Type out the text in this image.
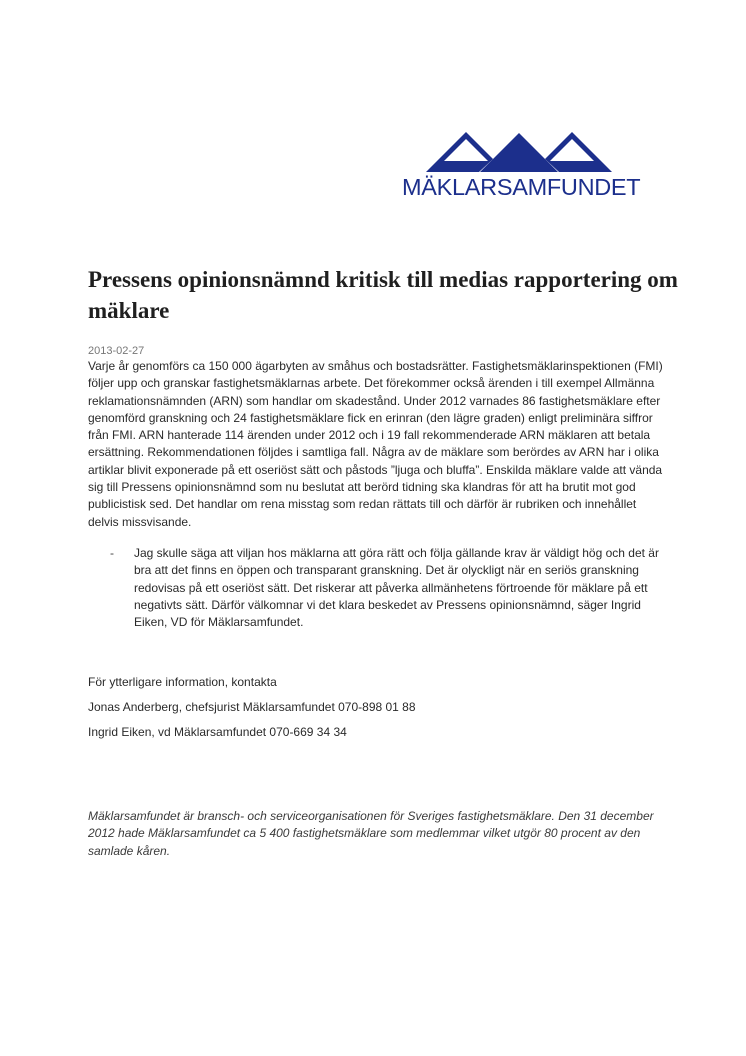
MÄKLARSAMFUNDET
Pressens opinionsnämnd kritisk till medias rapportering om mäklare
2013-02-27

Varje år genomförs ca 150 000 ägarbyten av småhus och bostadsrätter. Fastighetsmäklarinspektionen (FMI) följer upp och granskar fastighetsmäklarnas arbete. Det förekommer också ärenden i till exempel Allmänna reklamationsnämnden (ARN) som handlar om skadestånd. Under 2012 varnades 86 fastighetsmäklare efter genomförd granskning och 24 fastighetsmäklare fick en erinran (den lägre graden) enligt preliminära siffror från FMI. ARN hanterade 114 ärenden under 2012 och i 19 fall rekommenderade ARN mäklaren att betala ersättning. Rekommendationen följdes i samtliga fall. Några av de mäklare som berördes av ARN har i olika artiklar blivit exponerade på ett oseriöst sätt och påstods ”ljuga och bluffa”. Enskilda mäklare valde att vända sig till Pressens opinionsnämnd som nu beslutat att berörd tidning ska klandras för att ha brutit mot god publicistisk sed. Det handlar om rena misstag som redan rättats till och därför är rubriken och innehållet delvis missvisande.

- Jag skulle säga att viljan hos mäklarna att göra rätt och följa gällande krav är väldigt hög och det är bra att det finns en öppen och transparant granskning. Det är olyckligt när en seriös granskning redovisas på ett oseriöst sätt. Det riskerar att påverka allmänhetens förtroende för mäklare på ett negativts sätt. Därför välkomnar vi det klara beskedet av Pressens opinionsnämnd, säger Ingrid Eiken, VD för Mäklarsamfundet.

För ytterligare information, kontakta
Jonas Anderberg, chefsjurist Mäklarsamfundet 070-898 01 88
Ingrid Eiken, vd Mäklarsamfundet 070-669 34 34

Mäklarsamfundet är bransch- och serviceorganisationen för Sveriges fastighetsmäklare. Den 31 december 2012 hade Mäklarsamfundet ca 5 400 fastighetsmäklare som medlemmar vilket utgör 80 procent av den samlade kåren.
